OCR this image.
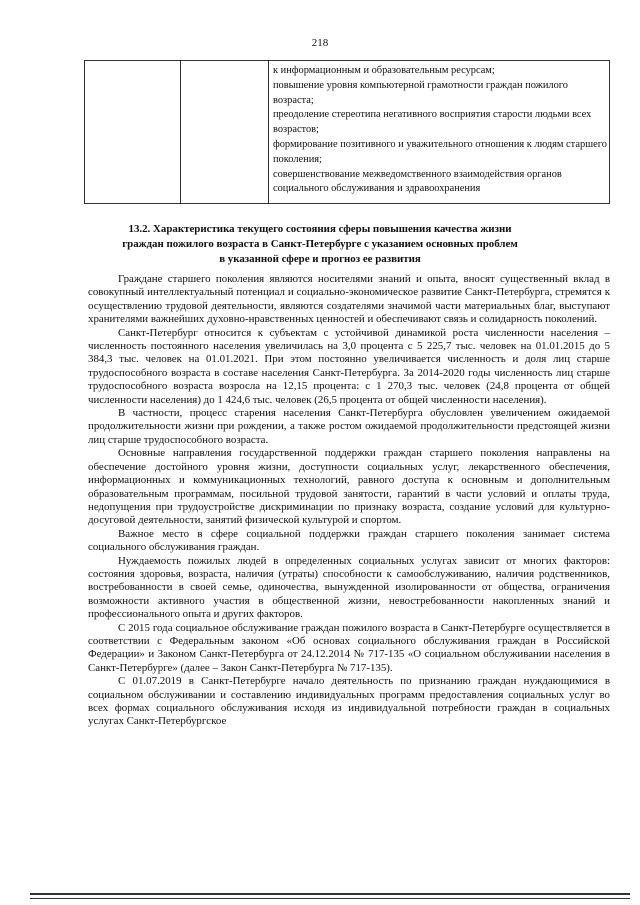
218

к информационным и образовательным ресурсам;
повышение уровня компьютерной грамотности граждан пожилого возраста;
преодоление стереотипа негативного восприятия старости людьми всех возрастов;
формирование позитивного и уважительного отношения к людям старшего поколения;
совершенствование межведомственного взаимодействия органов социального обслуживания и здравоохранения
13.2. Характеристика текущего состояния сферы повышения качества жизни
граждан пожилого возраста в Санкт-Петербурге с указанием основных проблем
в указанной сфере и прогноз ее развития

Граждане старшего поколения являются носителями знаний и опыта, вносят существенный вклад в совокупный интеллектуальный потенциал и социально-экономическое развитие Санкт-Петербурга, стремятся к осуществлению трудовой деятельности, являются создателями значимой части материальных благ, выступают хранителями важнейших духовно-нравственных ценностей и обеспечивают связь и солидарность поколений.

Санкт-Петербург относится к субъектам с устойчивой динамикой роста численности населения – численность постоянного населения увеличилась на 3,0 процента с 5 225,7 тыс. человек на 01.01.2015 до 5 384,3 тыс. человек на 01.01.2021. При этом постоянно увеличивается численность и доля лиц старше трудоспособного возраста в составе населения Санкт-Петербурга. За 2014-2020 годы численность лиц старше трудоспособного возраста возросла на 12,15 процента: с 1 270,3 тыс. человек (24,8 процента от общей численности населения) до 1 424,6 тыс. человек (26,5 процента от общей численности населения).

В частности, процесс старения населения Санкт-Петербурга обусловлен увеличением ожидаемой продолжительности жизни при рождении, а также ростом ожидаемой продолжительности предстоящей жизни лиц старше трудоспособного возраста.

Основные направления государственной поддержки граждан старшего поколения направлены на обеспечение достойного уровня жизни, доступности социальных услуг, лекарственного обеспечения, информационных и коммуникационных технологий, равного доступа к основным и дополнительным образовательным программам, посильной трудовой занятости, гарантий в части условий и оплаты труда, недопущения при трудоустройстве дискриминации по признаку возраста, создание условий для культурно-досуговой деятельности, занятий физической культурой и спортом.

Важное место в сфере социальной поддержки граждан старшего поколения занимает система социального обслуживания граждан.

Нуждаемость пожилых людей в определенных социальных услугах зависит от многих факторов: состояния здоровья, возраста, наличия (утраты) способности к самообслуживанию, наличия родственников, востребованности в своей семье, одиночества, вынужденной изолированности от общества, ограничения возможности активного участия в общественной жизни, невостребованности накопленных знаний и профессионального опыта и других факторов.

С 2015 года социальное обслуживание граждан пожилого возраста в Санкт-Петербурге осуществляется в соответствии с Федеральным законом «Об основах социального обслуживания граждан в Российской Федерации» и Законом Санкт-Петербурга от 24.12.2014 № 717-135 «О социальном обслуживании населения в Санкт-Петербурге» (далее – Закон Санкт-Петербурга № 717-135).

С 01.07.2019 в Санкт-Петербурге начало деятельность по признанию граждан нуждающимися в социальном обслуживании и составлению индивидуальных программ предоставления социальных услуг во всех формах социального обслуживания исходя из индивидуальной потребности граждан в социальных услугах Санкт-Петербургское
